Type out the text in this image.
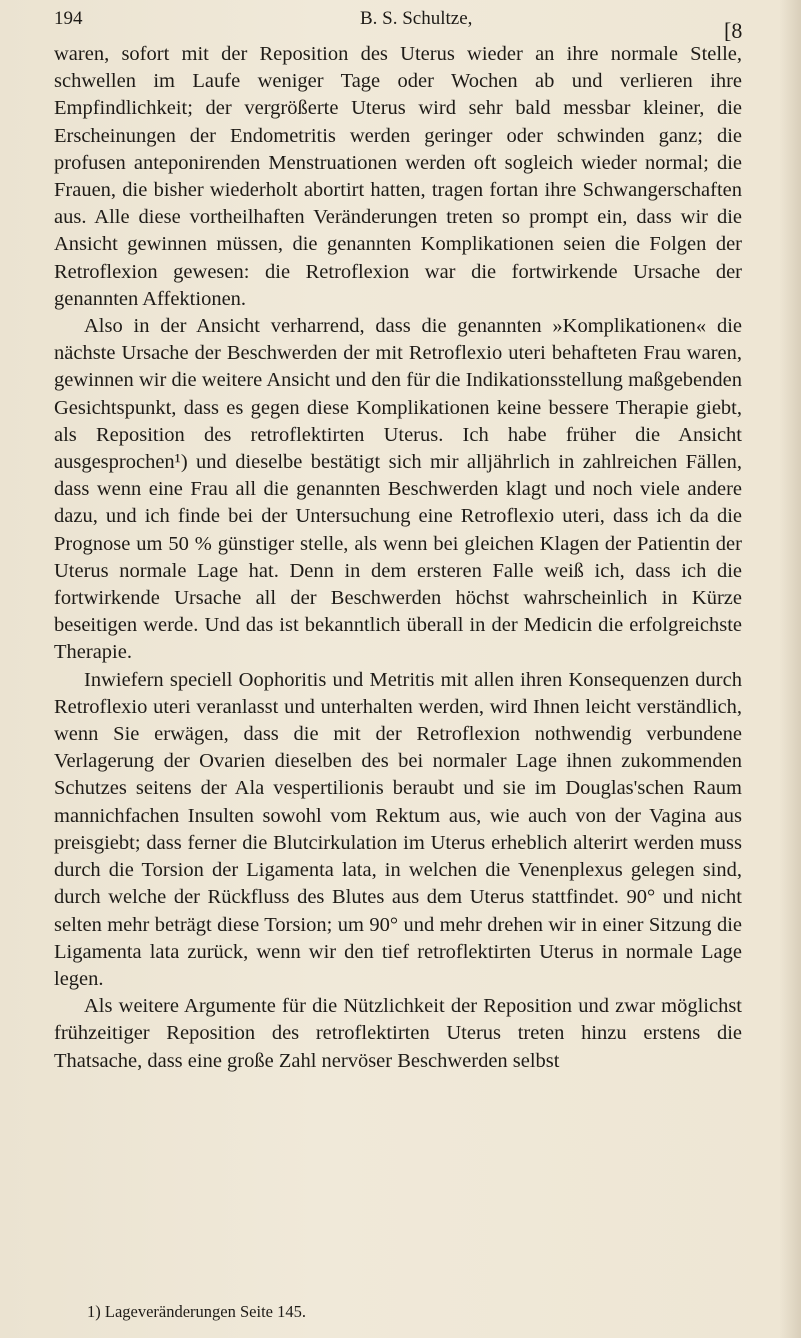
194	B. S. Schultze,	[8

waren, sofort mit der Reposition des Uterus wieder an ihre normale Stelle, schwellen im Laufe weniger Tage oder Wochen ab und verlieren ihre Empfindlichkeit; der vergrößerte Uterus wird sehr bald messbar kleiner, die Erscheinungen der Endometritis werden geringer oder schwinden ganz; die profusen anteponirenden Menstruationen werden oft sogleich wieder normal; die Frauen, die bisher wiederholt abortirt hatten, tragen fortan ihre Schwangerschaften aus. Alle diese vortheilhaften Veränderungen treten so prompt ein, dass wir die Ansicht gewinnen müssen, die genannten Komplikationen seien die Folgen der Retroflexion gewesen: die Retroflexion war die fortwirkende Ursache der genannten Affektionen.

Also in der Ansicht verharrend, dass die genannten »Komplikationen« die nächste Ursache der Beschwerden der mit Retroflexio uteri behafteten Frau waren, gewinnen wir die weitere Ansicht und den für die Indikationsstellung maßgebenden Gesichtspunkt, dass es gegen diese Komplikationen keine bessere Therapie giebt, als Reposition des retroflektirten Uterus. Ich habe früher die Ansicht ausgesprochen¹) und dieselbe bestätigt sich mir alljährlich in zahlreichen Fällen, dass wenn eine Frau all die genannten Beschwerden klagt und noch viele andere dazu, und ich finde bei der Untersuchung eine Retroflexio uteri, dass ich da die Prognose um 50 % günstiger stelle, als wenn bei gleichen Klagen der Patientin der Uterus normale Lage hat. Denn in dem ersteren Falle weiß ich, dass ich die fortwirkende Ursache all der Beschwerden höchst wahrscheinlich in Kürze beseitigen werde. Und das ist bekanntlich überall in der Medicin die erfolgreichste Therapie.

Inwiefern speciell Oophoritis und Metritis mit allen ihren Konsequenzen durch Retroflexio uteri veranlasst und unterhalten werden, wird Ihnen leicht verständlich, wenn Sie erwägen, dass die mit der Retroflexion nothwendig verbundene Verlagerung der Ovarien dieselben des bei normaler Lage ihnen zukommenden Schutzes seitens der Ala vespertilionis beraubt und sie im Douglas'schen Raum mannichfachen Insulten sowohl vom Rektum aus, wie auch von der Vagina aus preisgiebt; dass ferner die Blutcirkulation im Uterus erheblich alterirt werden muss durch die Torsion der Ligamenta lata, in welchen die Venenplexus gelegen sind, durch welche der Rückfluss des Blutes aus dem Uterus stattfindet. 90° und nicht selten mehr beträgt diese Torsion; um 90° und mehr drehen wir in einer Sitzung die Ligamenta lata zurück, wenn wir den tief retroflektirten Uterus in normale Lage legen.

Als weitere Argumente für die Nützlichkeit der Reposition und zwar möglichst frühzeitiger Reposition des retroflektirten Uterus treten hinzu erstens die Thatsache, dass eine große Zahl nervöser Beschwerden selbst

1) Lageveränderungen Seite 145.
